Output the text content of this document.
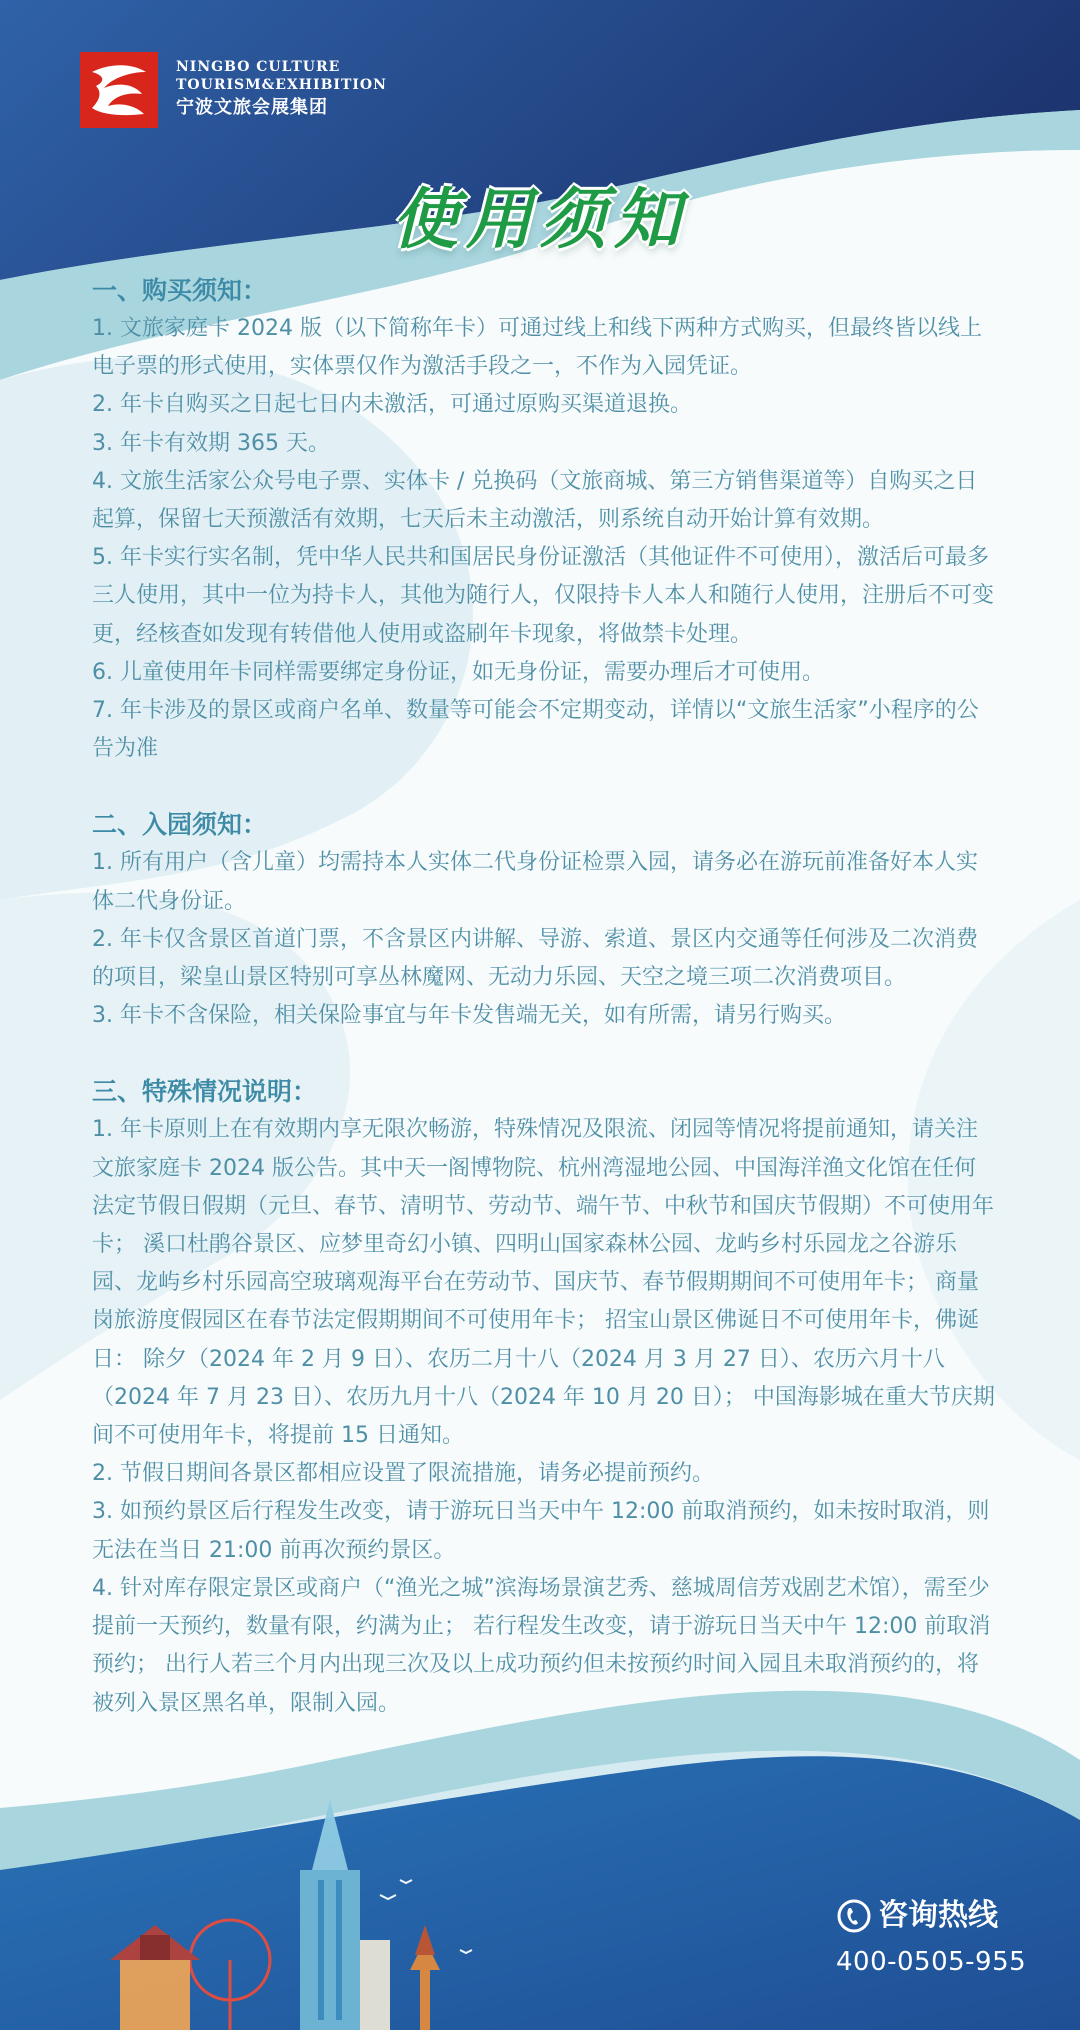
NINGBO CULTURE
TOURISM&EXHIBITION
宁波文旅会展集团
使用须知

一、购买须知：

1. 文旅家庭卡 2024 版（以下简称年卡）可通过线上和线下两种方式购买，但最终皆以线上电子票的形式使用，实体票仅作为激活手段之一，不作为入园凭证。

2. 年卡自购买之日起七日内未激活，可通过原购买渠道退换。

3. 年卡有效期 365 天。

4. 文旅生活家公众号电子票、实体卡 / 兑换码（文旅商城、第三方销售渠道等）自购买之日起算，保留七天预激活有效期，七天后未主动激活，则系统自动开始计算有效期。

5. 年卡实行实名制，凭中华人民共和国居民身份证激活（其他证件不可使用），激活后可最多三人使用，其中一位为持卡人，其他为随行人，仅限持卡人本人和随行人使用，注册后不可变更，经核查如发现有转借他人使用或盗刷年卡现象，将做禁卡处理。

6. 儿童使用年卡同样需要绑定身份证，如无身份证，需要办理后才可使用。

7. 年卡涉及的景区或商户名单、数量等可能会不定期变动，详情以“文旅生活家”小程序的公告为准

二、入园须知：

1. 所有用户（含儿童）均需持本人实体二代身份证检票入园，请务必在游玩前准备好本人实体二代身份证。

2. 年卡仅含景区首道门票，不含景区内讲解、导游、索道、景区内交通等任何涉及二次消费的项目，梁皇山景区特别可享丛林魔网、无动力乐园、天空之境三项二次消费项目。

3. 年卡不含保险，相关保险事宜与年卡发售端无关，如有所需，请另行购买。

三、特殊情况说明：

1. 年卡原则上在有效期内享无限次畅游，特殊情况及限流、闭园等情况将提前通知，请关注文旅家庭卡 2024 版公告。其中天一阁博物院、杭州湾湿地公园、中国海洋渔文化馆在任何法定节假日假期（元旦、春节、清明节、劳动节、端午节、中秋节和国庆节假期）不可使用年卡； 溪口杜鹃谷景区、应梦里奇幻小镇、四明山国家森林公园、龙屿乡村乐园龙之谷游乐园、龙屿乡村乐园高空玻璃观海平台在劳动节、国庆节、春节假期期间不可使用年卡； 商量岗旅游度假园区在春节法定假期期间不可使用年卡； 招宝山景区佛诞日不可使用年卡，佛诞日： 除夕（2024 年 2 月 9 日）、农历二月十八（2024 月 3 月 27 日）、农历六月十八（2024 年 7 月 23 日）、农历九月十八（2024 年 10 月 20 日）； 中国海影城在重大节庆期间不可使用年卡，将提前 15 日通知。

2. 节假日期间各景区都相应设置了限流措施，请务必提前预约。

3. 如预约景区后行程发生改变，请于游玩日当天中午 12:00 前取消预约，如未按时取消，则无法在当日 21:00 前再次预约景区。

4. 针对库存限定景区或商户（“渔光之城”滨海场景演艺秀、慈城周信芳戏剧艺术馆），需至少提前一天预约，数量有限，约满为止； 若行程发生改变，请于游玩日当天中午 12:00 前取消预约； 出行人若三个月内出现三次及以上成功预约但未按预约时间入园且未取消预约的，将被列入景区黑名单，限制入园。

咨询热线
400-0505-955
